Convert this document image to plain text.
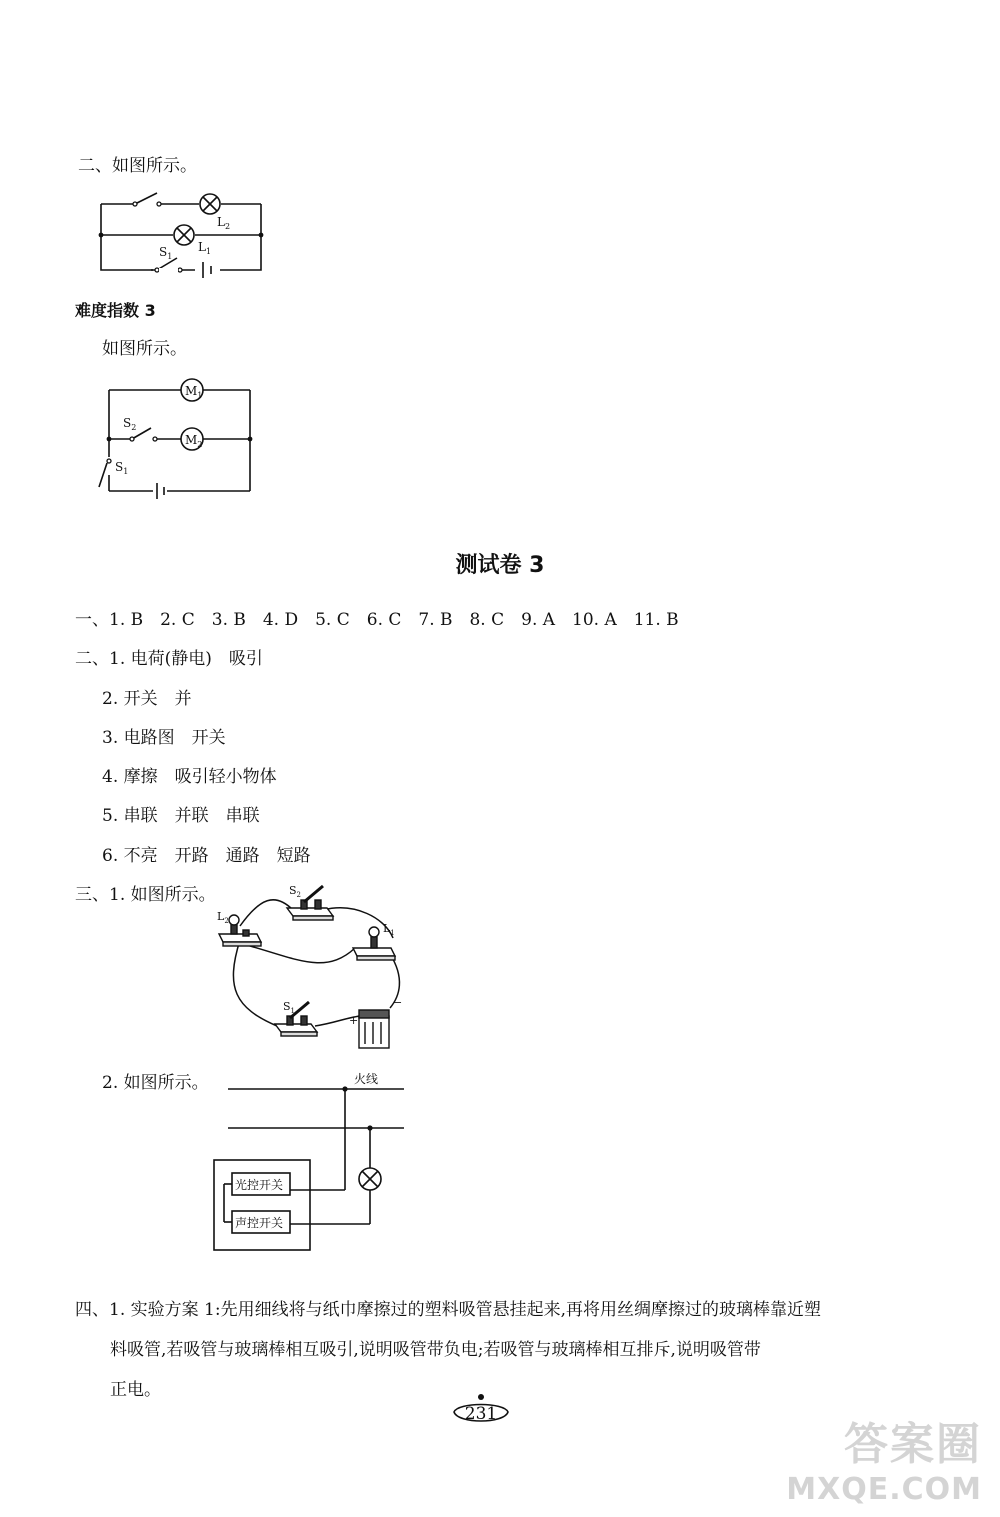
二、如图所示。
$L_2$
$L_1$
$S_1$
难度指数 3
如图所示。
$M_1$
$M_2$
$S_2$
$S_1$
测试卷 3
一、1. B　2. C　3. B　4. D　5. C　6. C　7. B　8. C　9. A　10. A　11. B
二、1. 电荷(静电)　吸引
2. 开关　并
3. 电路图　开关
4. 摩擦　吸引轻小物体
5. 串联　并联　串联
6. 不亮　开路　通路　短路
三、1. 如图所示。	$S_2$
$L_2$
$L_1$
$S_1$
+
−
2. 如图所示。	火线
光控开关
声控开关
四、1. 实验方案 1:先用细线将与纸巾摩擦过的塑料吸管悬挂起来,再将用丝绸摩擦过的玻璃棒靠近塑
料吸管,若吸管与玻璃棒相互吸引,说明吸管带负电;若吸管与玻璃棒相互排斥,说明吸管带
正电。
231
答案圈
MXQE.COM
